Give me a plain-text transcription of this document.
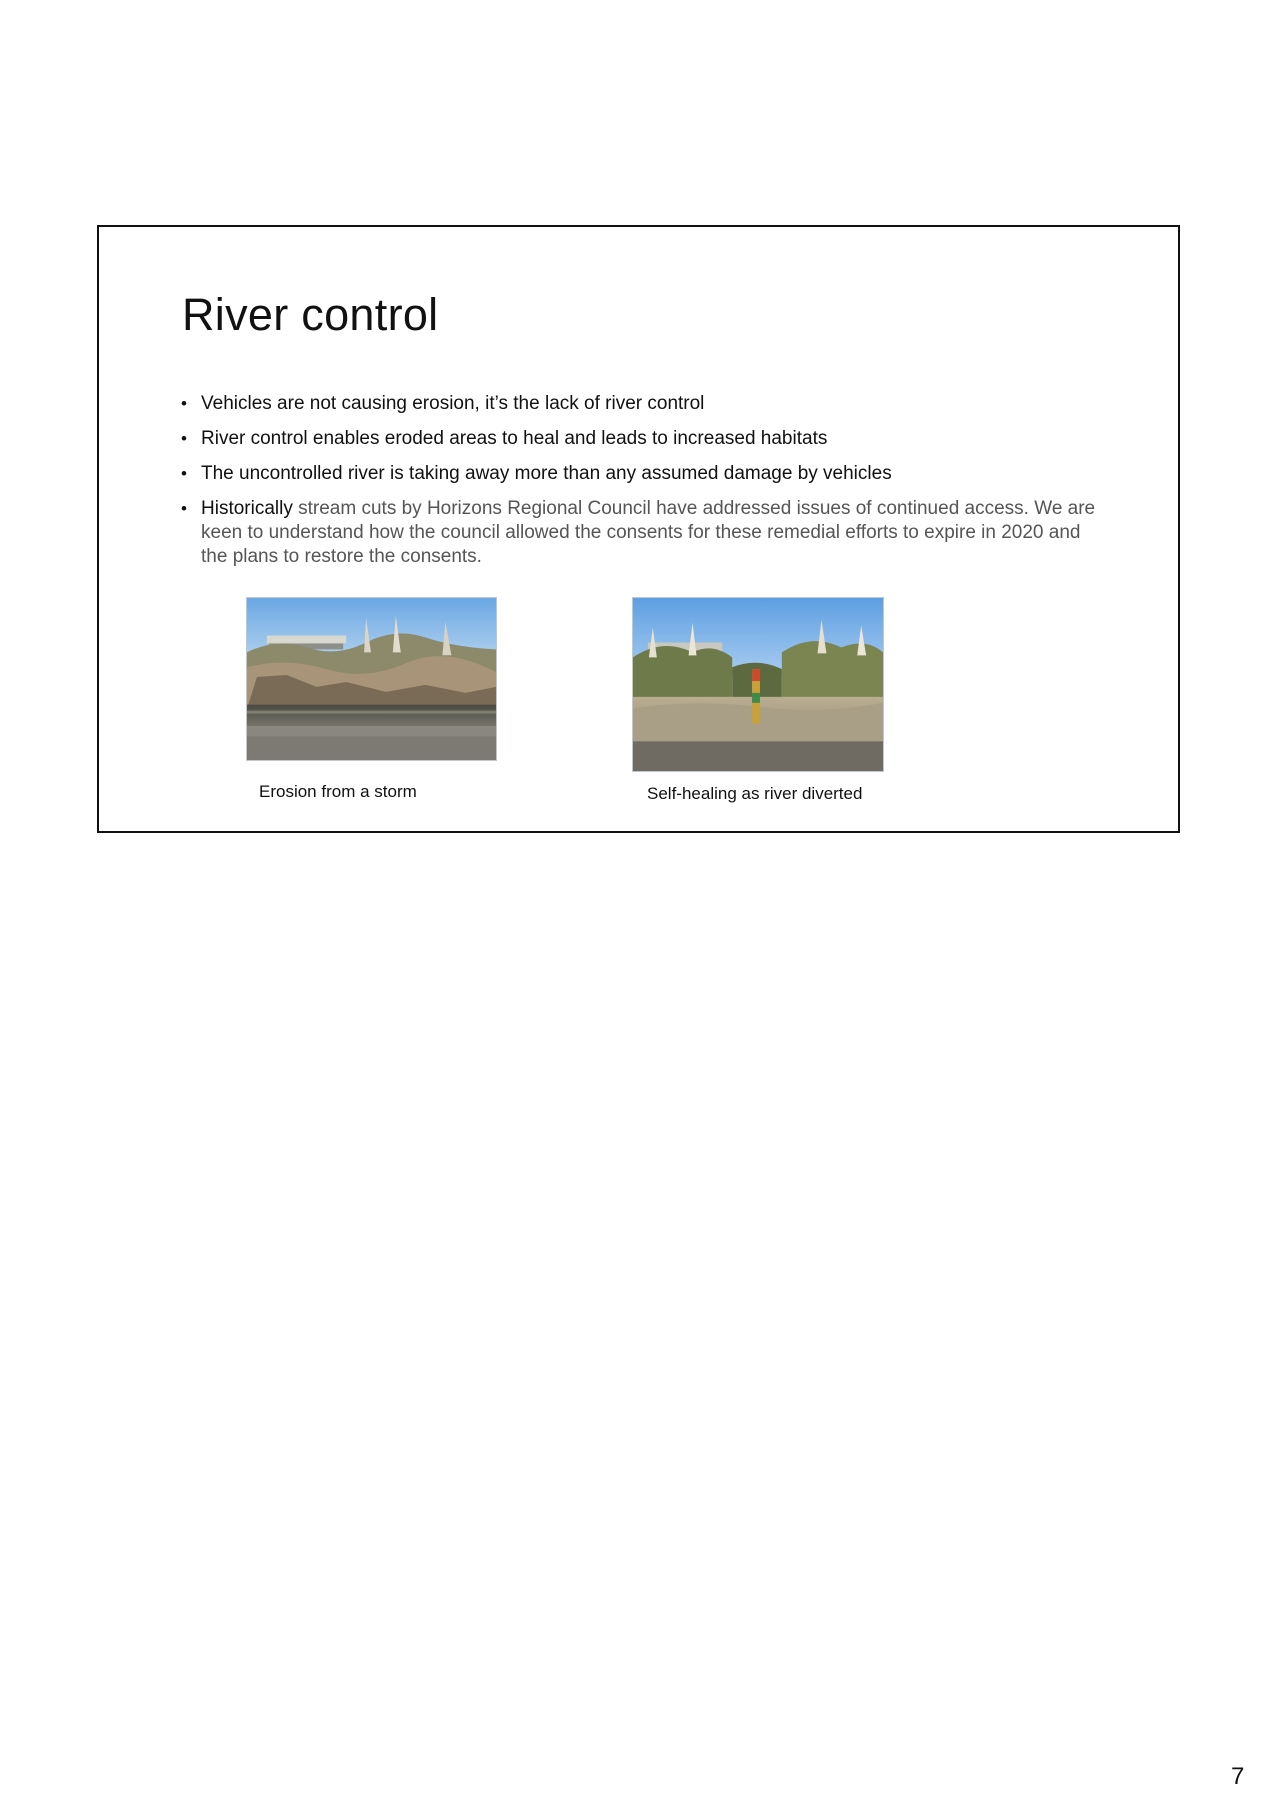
River control
• Vehicles are not causing erosion, it’s the lack of river control
• River control enables eroded areas to heal and leads to increased habitats
• The uncontrolled river is taking away more than any assumed damage by vehicles
• Historically stream cuts by Horizons Regional Council have addressed issues of continued access. We are keen to understand how the council allowed the consents for these remedial efforts to expire in 2020 and the plans to restore the consents.
Erosion from a storm	Self-healing as river diverted
7
